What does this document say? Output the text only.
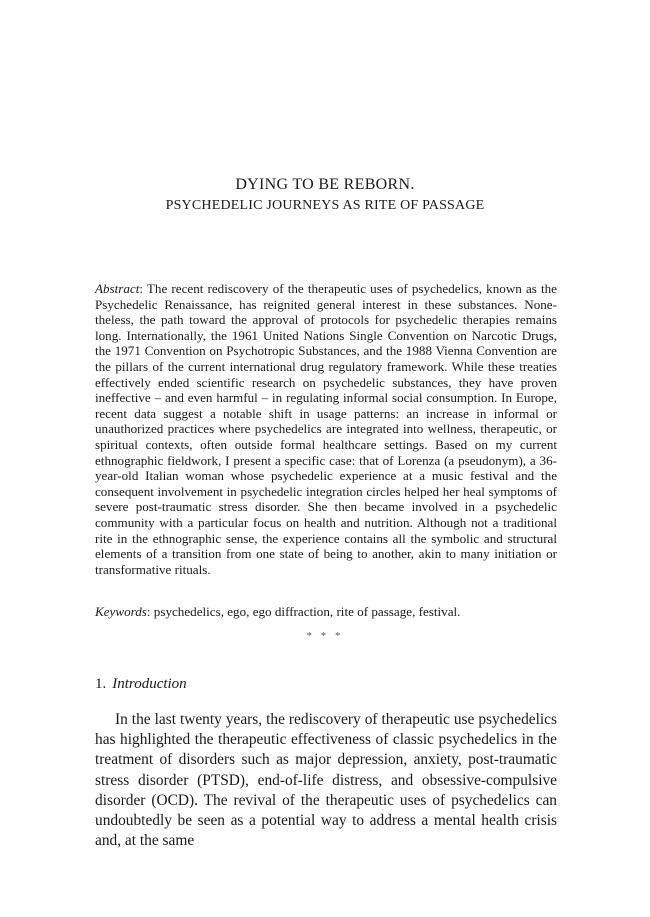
DYING TO BE REBORN.

PSYCHEDELIC JOURNEYS AS RITE OF PASSAGE

Abstract: The recent rediscovery of the therapeutic uses of psychedelics, known as the Psychedelic Renaissance, has reignited general interest in these substances. Nonetheless, the path toward the approval of protocols for psychedelic therapies remains long. Internationally, the 1961 United Nations Single Convention on Narcotic Drugs, the 1971 Convention on Psychotropic Substances, and the 1988 Vienna Convention are the pillars of the current international drug regulatory framework. While these treaties effectively ended scientific research on psychedelic substances, they have proven ineffective – and even harmful – in regulating informal social consumption. In Europe, recent data suggest a notable shift in usage patterns: an increase in informal or unauthorized practices where psychedelics are integrated into wellness, therapeutic, or spiritual contexts, often outside formal healthcare settings. Based on my current ethnographic fieldwork, I present a specific case: that of Lorenza (a pseudonym), a 36-year-old Italian woman whose psychedelic experience at a music festival and the consequent involvement in psychedelic integration circles helped her heal symptoms of severe post-traumatic stress disorder. She then became involved in a psychedelic community with a particular focus on health and nutrition. Although not a traditional rite in the ethnographic sense, the experience contains all the symbolic and structural elements of a transition from one state of being to another, akin to many initiation or transformative rituals.

Keywords: psychedelics, ego, ego diffraction, rite of passage, festival.

* * *
1. Introduction

In the last twenty years, the rediscovery of therapeutic use psychedelics has highlighted the therapeutic effectiveness of classic psychedelics in the treatment of disorders such as major depression, anxiety, post-traumatic stress disorder (PTSD), end-of-life distress, and obsessive-compulsive disorder (OCD). The revival of the therapeutic uses of psychedelics can undoubtedly be seen as a potential way to address a mental health crisis and, at the same
